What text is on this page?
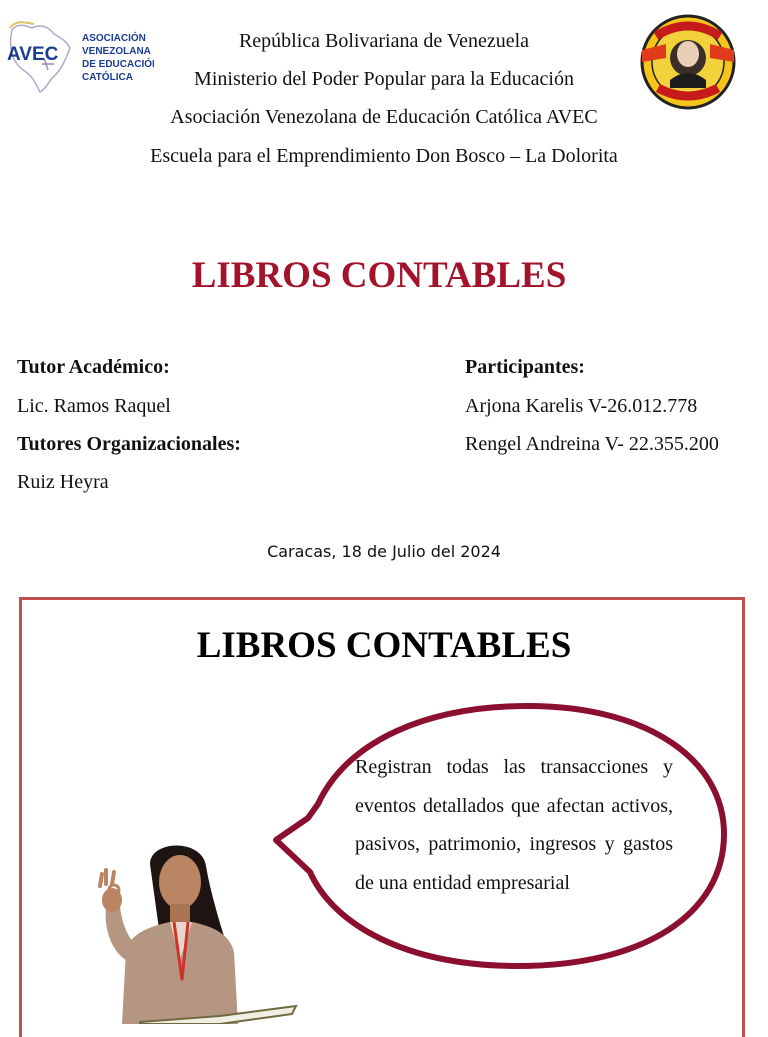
AVEC
ASOCIACIÓN
VENEZOLANA
DE EDUCACIÓN
CATÓLICA
República Bolivariana de Venezuela
Ministerio del Poder Popular para la Educación
Asociación Venezolana de Educación Católica AVEC
Escuela para el Emprendimiento Don Bosco – La Dolorita
LIBROS CONTABLES
Tutor Académico:
Lic. Ramos Raquel
Tutores Organizacionales:
Ruiz Heyra
Participantes:
Arjona Karelis V-26.012.778
Rengel Andreina V- 22.355.200
Caracas, 18 de Julio del 2024
LIBROS CONTABLES
Registran todas las transacciones y eventos detallados que afectan activos, pasivos, patrimonio, ingresos y gastos de una entidad empresarial
